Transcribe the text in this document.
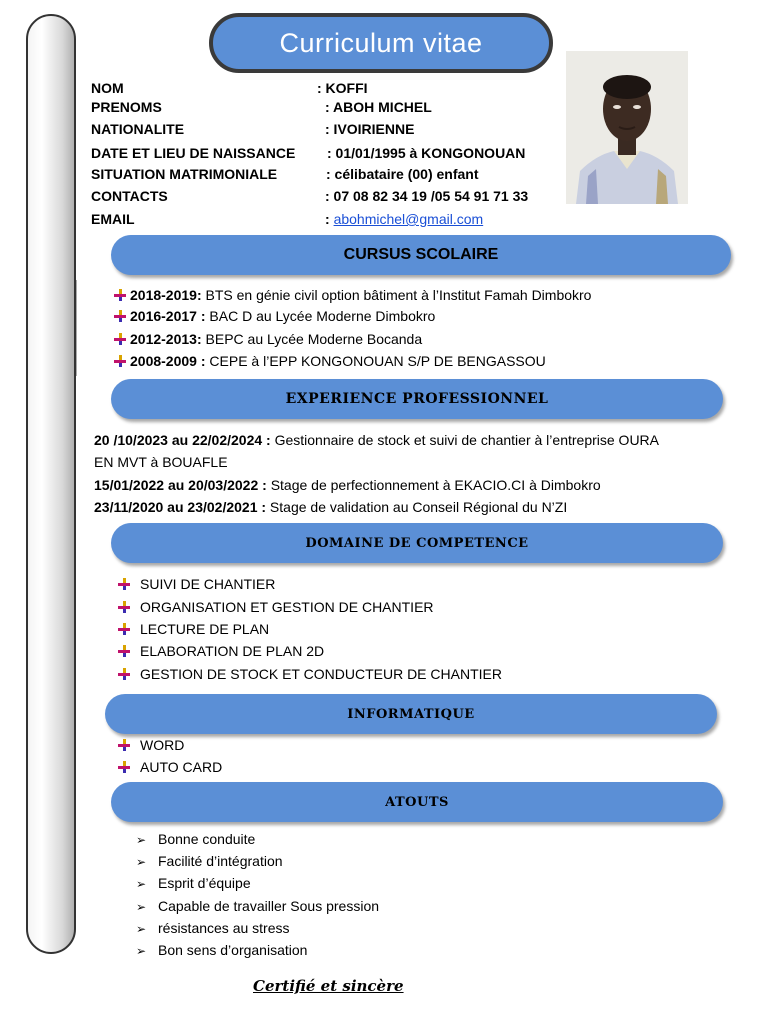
Curriculum vitae
NOM	: KOFFI
PRENOMS	: ABOH MICHEL
NATIONALITE	: IVOIRIENNE
DATE ET LIEU DE NAISSANCE : 01/01/1995 à KONGONOUAN
SITUATION MATRIMONIALE	: célibataire (00) enfant
CONTACTS	: 07 08 82 34 19 /05 54 91 71 33
EMAIL	: abohmichel@gmail.com
CURSUS SCOLAIRE
2018-2019: BTS en génie civil option bâtiment à l’Institut Famah Dimbokro
2016-2017 : BAC D au Lycée Moderne Dimbokro
2012-2013: BEPC au Lycée Moderne Bocanda
2008-2009 : CEPE à l’EPP KONGONOUAN S/P DE BENGASSOU
EXPERIENCE PROFESSIONNEL
20 /10/2023 au 22/02/2024 : Gestionnaire de stock et suivi de chantier à l’entreprise OURA
EN MVT à BOUAFLE
15/01/2022 au 20/03/2022 : Stage de perfectionnement à EKACIO.CI à Dimbokro
23/11/2020 au 23/02/2021 : Stage de validation au Conseil Régional du N’ZI
DOMAINE DE COMPETENCE
SUIVI DE CHANTIER
ORGANISATION ET GESTION DE CHANTIER
LECTURE DE PLAN
ELABORATION DE PLAN 2D
GESTION DE STOCK ET CONDUCTEUR DE CHANTIER
INFORMATIQUE
WORD
AUTO CARD
ATOUTS
➢ Bonne conduite
➢ Facilité d’intégration
➢ Esprit d’équipe
➢ Capable de travailler Sous pression
➢ résistances au stress
➢ Bon sens d’organisation
Certifié et sincère
